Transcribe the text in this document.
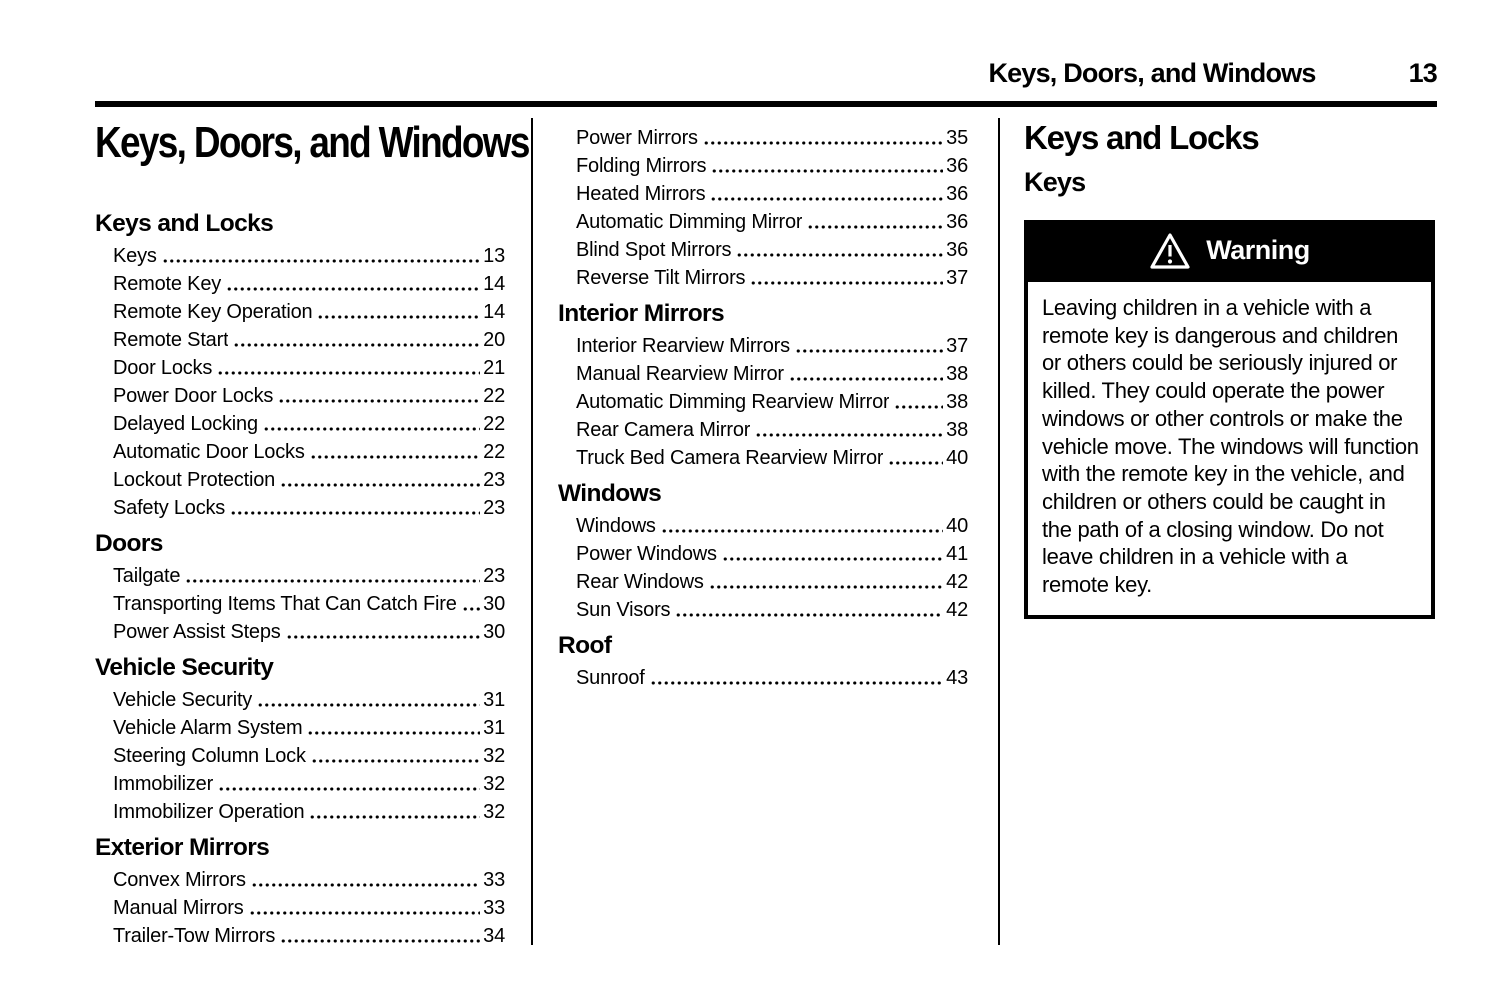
Keys, Doors, and Windows	13
Keys, Doors, and Windows
Keys and Locks
Keys	13
Remote Key	14
Remote Key Operation	14
Remote Start	20
Door Locks	21
Power Door Locks	22
Delayed Locking	22
Automatic Door Locks	22
Lockout Protection	23
Safety Locks	23
Doors
Tailgate	23
Transporting Items That Can Catch Fire 30
Power Assist Steps	30
Vehicle Security
Vehicle Security	31
Vehicle Alarm System	31
Steering Column Lock	32
Immobilizer	32
Immobilizer Operation	32
Exterior Mirrors
Convex Mirrors	33
Manual Mirrors	33
Trailer-Tow Mirrors	34
Power Mirrors	35
Folding Mirrors	36
Heated Mirrors	36
Automatic Dimming Mirror	36
Blind Spot Mirrors	36
Reverse Tilt Mirrors	37
Interior Mirrors
Interior Rearview Mirrors	37
Manual Rearview Mirror	38
Automatic Dimming Rearview Mirror	38
Rear Camera Mirror	38
Truck Bed Camera Rearview Mirror	40
Windows
Windows	40
Power Windows	41
Rear Windows	42
Sun Visors	42
Roof
Sunroof	43
Keys and Locks
Keys
Warning
Leaving children in a vehicle with a remote key is dangerous and children or others could be seriously injured or killed. They could operate the power windows or other controls or make the vehicle move. The windows will function with the remote key in the vehicle, and children or others could be caught in the path of a closing window. Do not leave children in a vehicle with a remote key.
